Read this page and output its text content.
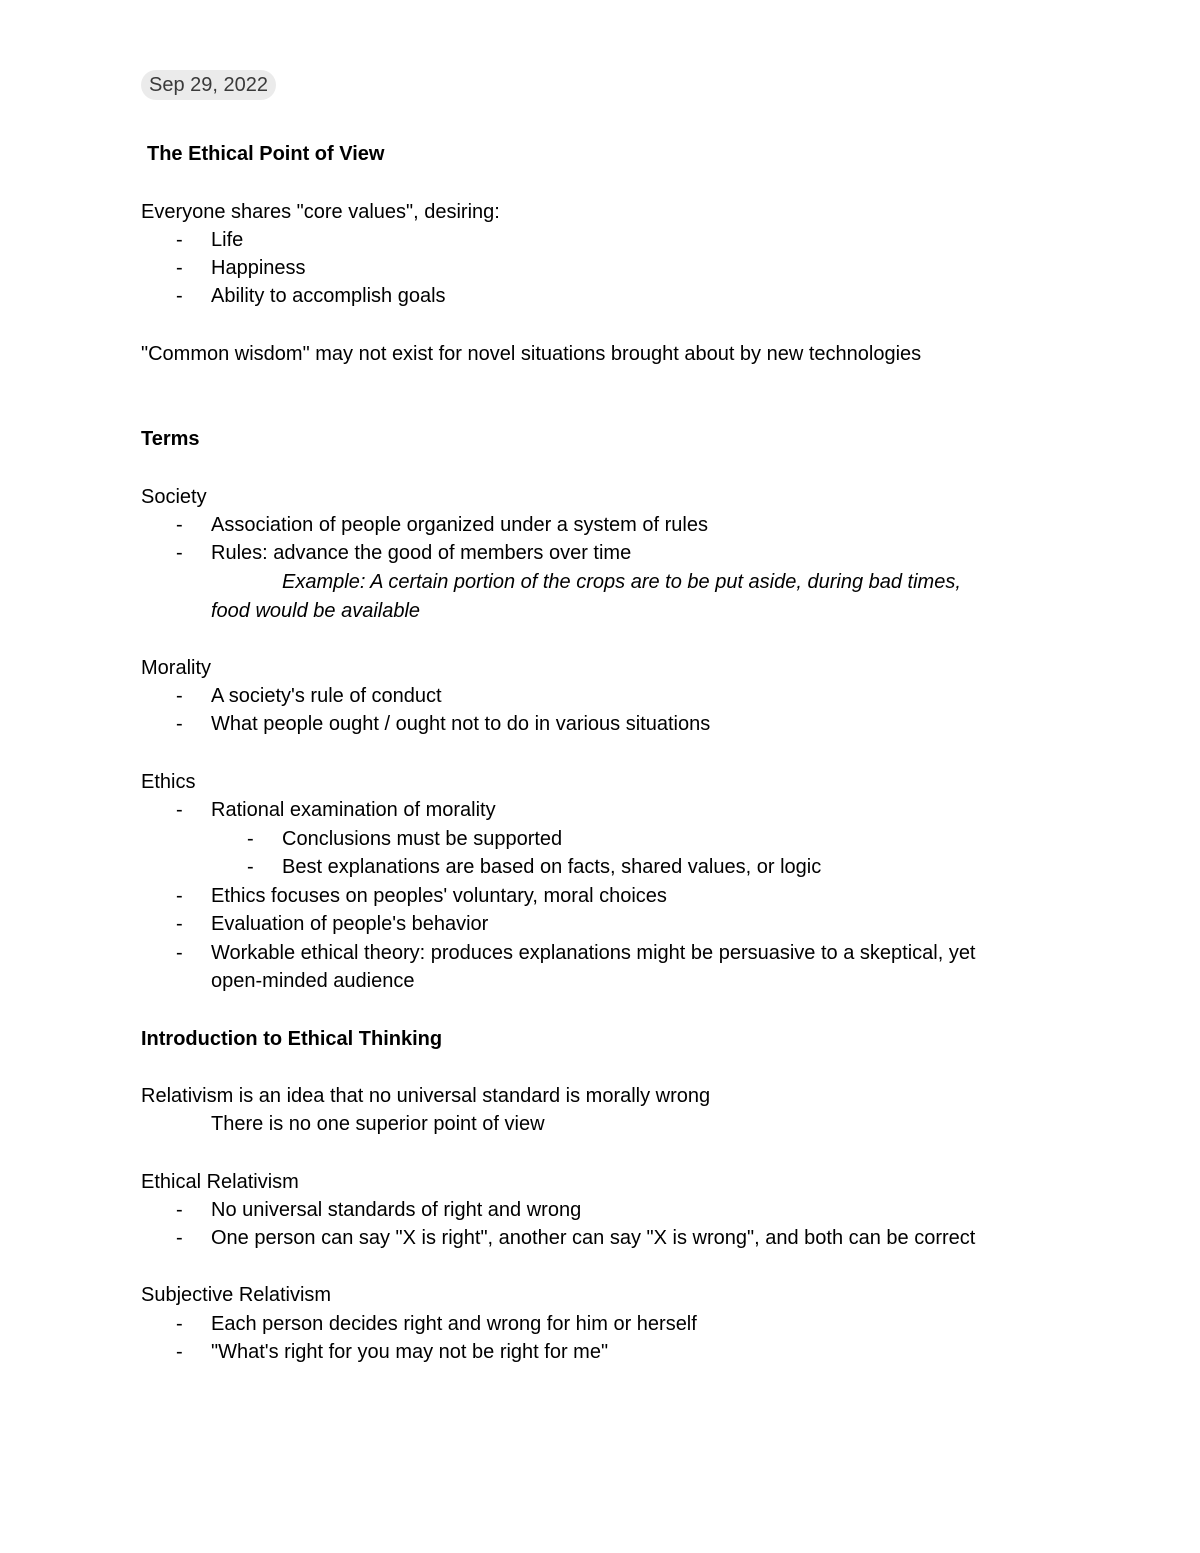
Sep 29, 2022
The Ethical Point of View
Everyone shares "core values", desiring:
- Life
- Happiness
- Ability to accomplish goals
"Common wisdom" may not exist for novel situations brought about by new technologies
Terms
Society
- Association of people organized under a system of rules
- Rules: advance the good of members over time
Example: A certain portion of the crops are to be put aside, during bad times,
food would be available
Morality
- A society's rule of conduct
- What people ought / ought not to do in various situations
Ethics
- Rational examination of morality
- Conclusions must be supported
- Best explanations are based on facts, shared values, or logic
- Ethics focuses on peoples' voluntary, moral choices
- Evaluation of people's behavior
- Workable ethical theory: produces explanations might be persuasive to a skeptical, yet
open-minded audience
Introduction to Ethical Thinking
Relativism is an idea that no universal standard is morally wrong
There is no one superior point of view
Ethical Relativism
- No universal standards of right and wrong
- One person can say "X is right", another can say "X is wrong", and both can be correct
Subjective Relativism
- Each person decides right and wrong for him or herself
- "What's right for you may not be right for me"
